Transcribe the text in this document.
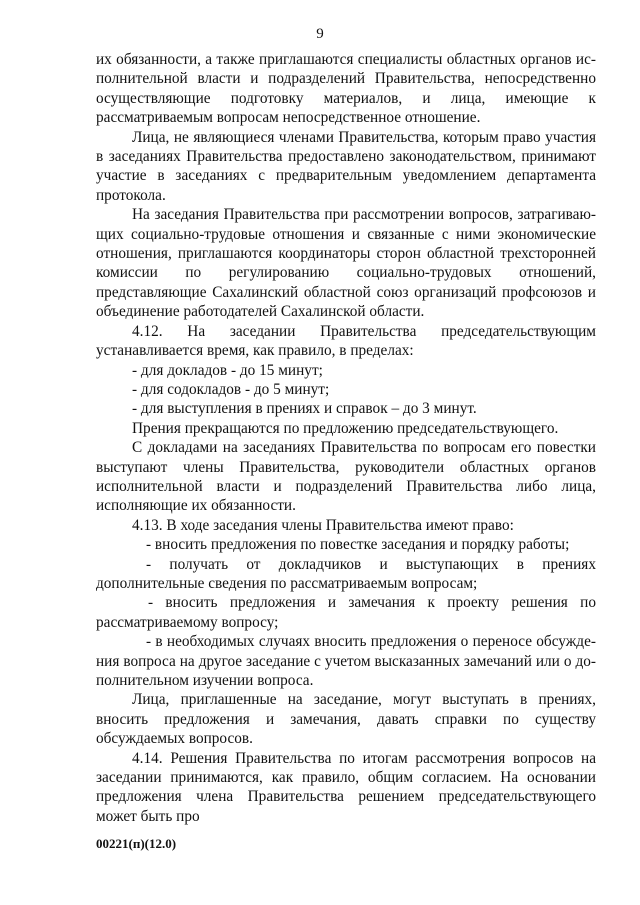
9

их обязанности, а также приглашаются специалисты областных органов исполнительной власти и подразделений Правительства, непосредственно осуществляющие подготовку материалов, и лица, имеющие к рассматриваемым вопросам непосредственное отношение.

Лица, не являющиеся членами Правительства, которым право участия в заседаниях Правительства предоставлено законодательством, принимают участие в заседаниях с предварительным уведомлением департамента протокола.

На заседания Правительства при рассмотрении вопросов, затрагивающих социально-трудовые отношения и связанные с ними экономические отношения, приглашаются координаторы сторон областной трехсторонней комиссии по регулированию социально-трудовых отношений, представляющие Сахалинский областной союз организаций профсоюзов и объединение работодателей Сахалинской области.

4.12. На заседании Правительства председательствующим устанавливается время, как правило, в пределах:

- для докладов - до 15 минут;

- для содокладов - до 5 минут;

- для выступления в прениях и справок – до 3 минут.

Прения прекращаются по предложению председательствующего.

С докладами на заседаниях Правительства по вопросам его повестки выступают члены Правительства, руководители областных органов исполнительной власти и подразделений Правительства либо лица, исполняющие их обязанности.

4.13. В ходе заседания члены Правительства имеют право:

- вносить предложения по повестке заседания и порядку работы;

- получать от докладчиков и выступающих в прениях дополнительные сведения по рассматриваемым вопросам;

- вносить предложения и замечания к проекту решения по рассматриваемому вопросу;

- в необходимых случаях вносить предложения о переносе обсуждения вопроса на другое заседание с учетом высказанных замечаний или о дополнительном изучении вопроса.

Лица, приглашенные на заседание, могут выступать в прениях, вносить предложения и замечания, давать справки по существу обсуждаемых вопросов.

4.14. Решения Правительства по итогам рассмотрения вопросов на заседании принимаются, как правило, общим согласием. На основании предложения члена Правительства решением председательствующего может быть про

00221(п)(12.0)
